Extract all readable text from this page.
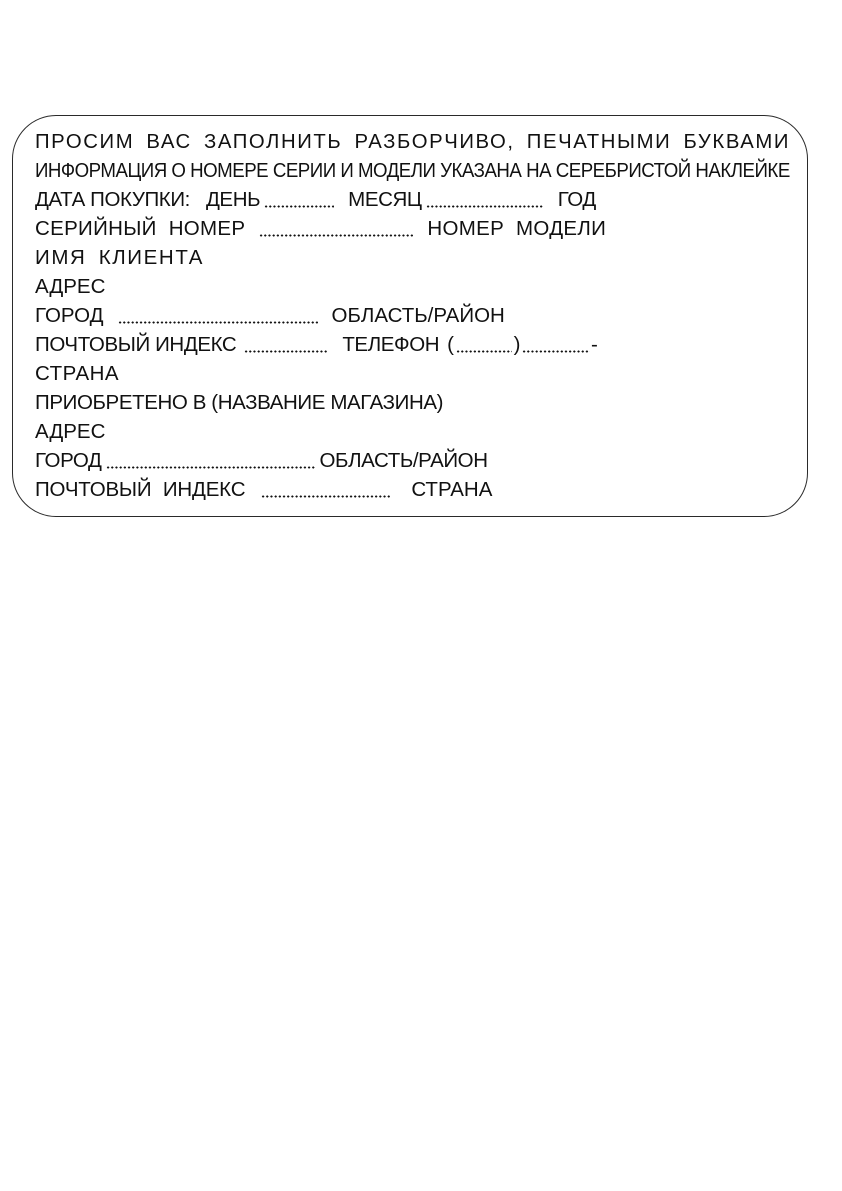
ПРОСИМ ВАС ЗАПОЛНИТЬ РАЗБОРЧИВО, ПЕЧАТНЫМИ БУКВАМИ
ИНФОРМАЦИЯ О НОМЕРЕ СЕРИИ И МОДЕЛИ УКАЗАНА НА СЕРЕБРИСТОЙ НАКЛЕЙКЕ
ДАТА ПОКУПКИ: ДЕНЬ	МЕСЯЦ	ГОД
СЕРИЙНЫЙ НОМЕР	НОМЕР МОДЕЛИ
ИМЯ КЛИЕНТА
АДРЕС
ГОРОД	ОБЛАСТЬ/РАЙОН
ПОЧТОВЫЙ ИНДЕКС	ТЕЛЕФОН (	)	-
СТРАНА
ПРИОБРЕТЕНО В (НАЗВАНИЕ МАГАЗИНА)
АДРЕС
ГОРОД	ОБЛАСТЬ/РАЙОН
ПОЧТОВЫЙ ИНДЕКС	СТРАНА
